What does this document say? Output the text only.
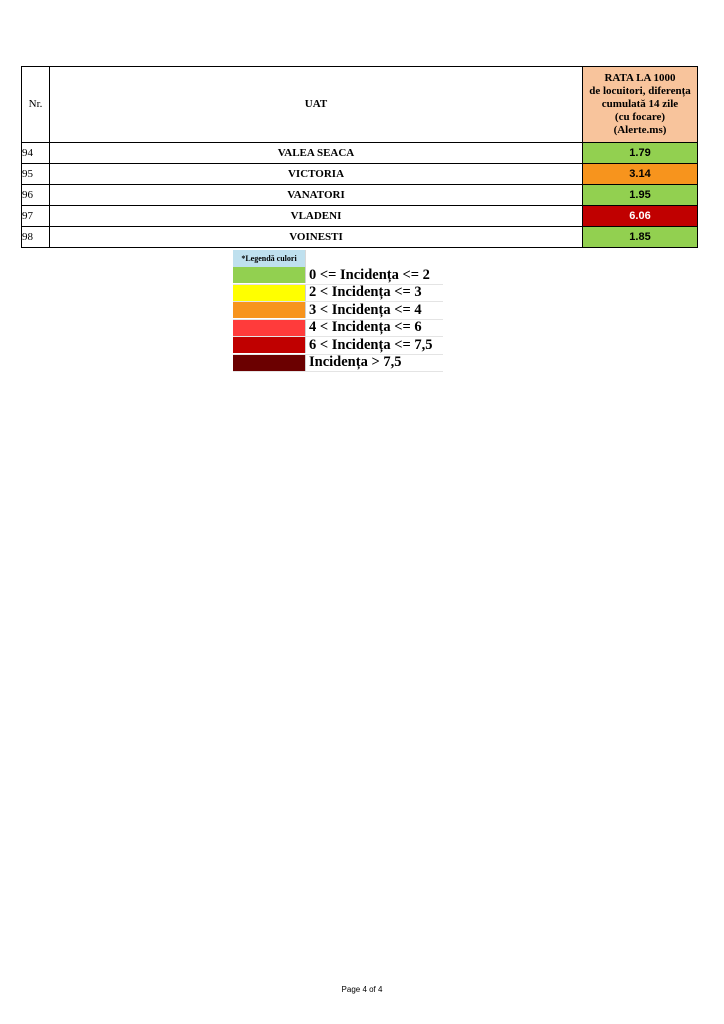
Nr.	UAT	RATA LA 1000
de locuitori, diferența
cumulată 14 zile
(cu focare)
(Alerte.ms)

94	VALEA SEACA	1.79
95	VICTORIA	3.14
96	VANATORI	1.95
97	VLADENI	6.06
98	VOINESTI	1.85
*Legendă culori
0 <= Incidența <= 2
2 < Incidența <= 3
3 < Incidența <= 4
4 < Incidența <= 6
6 < Incidența <= 7,5
Incidența > 7,5
Page 4 of 4
